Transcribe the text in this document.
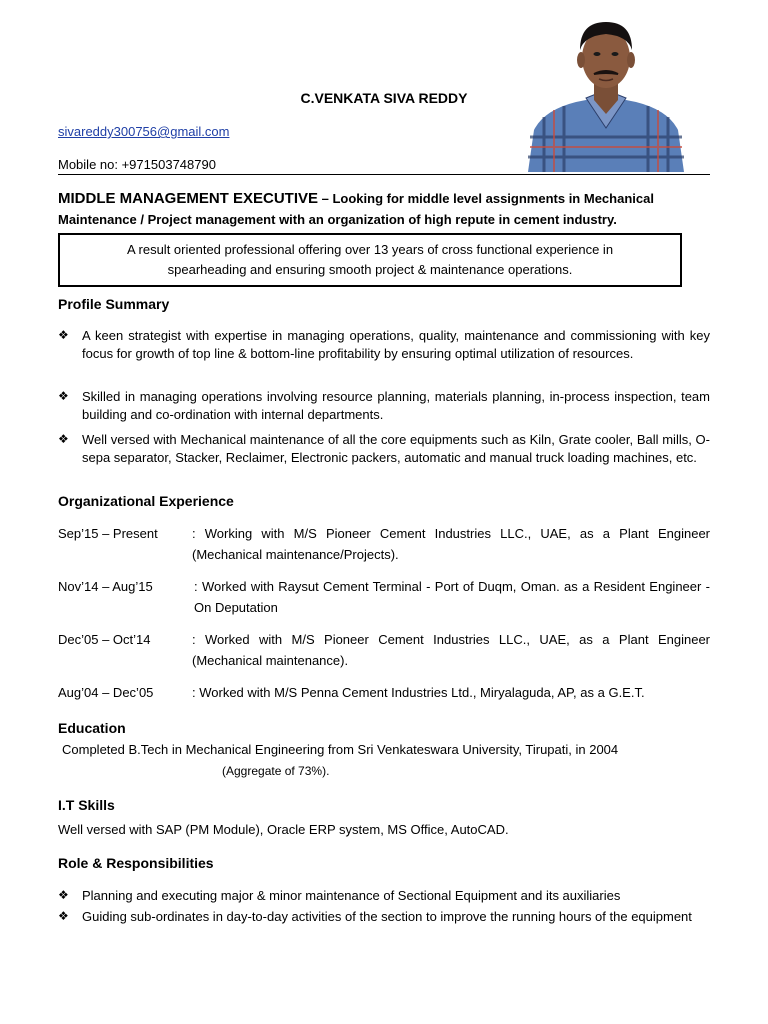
C.VENKATA SIVA REDDY
sivareddy300756@gmail.com
Mobile no: +971503748790
MIDDLE MANAGEMENT EXECUTIVE – Looking for middle level assignments in Mechanical
Maintenance / Project management with an organization of high repute in cement industry.
A result oriented professional offering over 13 years of cross functional experience in
spearheading and ensuring smooth project & maintenance operations.
Profile Summary
❖	A keen strategist with expertise in managing operations, quality, maintenance and commissioning with key focus for growth of top line & bottom-line profitability by ensuring optimal utilization of resources.
❖	Skilled in managing operations involving resource planning, materials planning, in-process inspection, team building and co-ordination with internal departments.
❖	Well versed with Mechanical maintenance of all the core equipments such as Kiln, Grate cooler, Ball mills, O-sepa separator, Stacker, Reclaimer, Electronic packers, automatic and manual truck loading machines, etc.
Organizational Experience
Sep’15 – Present	: Working with M/S Pioneer Cement Industries LLC., UAE, as a Plant Engineer (Mechanical maintenance/Projects).
Nov’14 – Aug’15	: Worked with Raysut Cement Terminal - Port of Duqm, Oman. as a Resident Engineer - On Deputation
Dec’05 – Oct’14	: Worked with M/S Pioneer Cement Industries LLC., UAE, as a Plant Engineer (Mechanical maintenance).
Aug’04 – Dec’05	: Worked with M/S Penna Cement Industries Ltd., Miryalaguda, AP, as a G.E.T.
Education
Completed B.Tech in Mechanical Engineering from Sri Venkateswara University, Tirupati, in 2004
(Aggregate of 73%).
I.T Skills
Well versed with SAP (PM Module), Oracle ERP system, MS Office, AutoCAD.
Role & Responsibilities
❖	Planning and executing major & minor maintenance of Sectional Equipment and its auxiliaries
❖	Guiding sub-ordinates in day-to-day activities of the section to improve the running hours of the equipment
